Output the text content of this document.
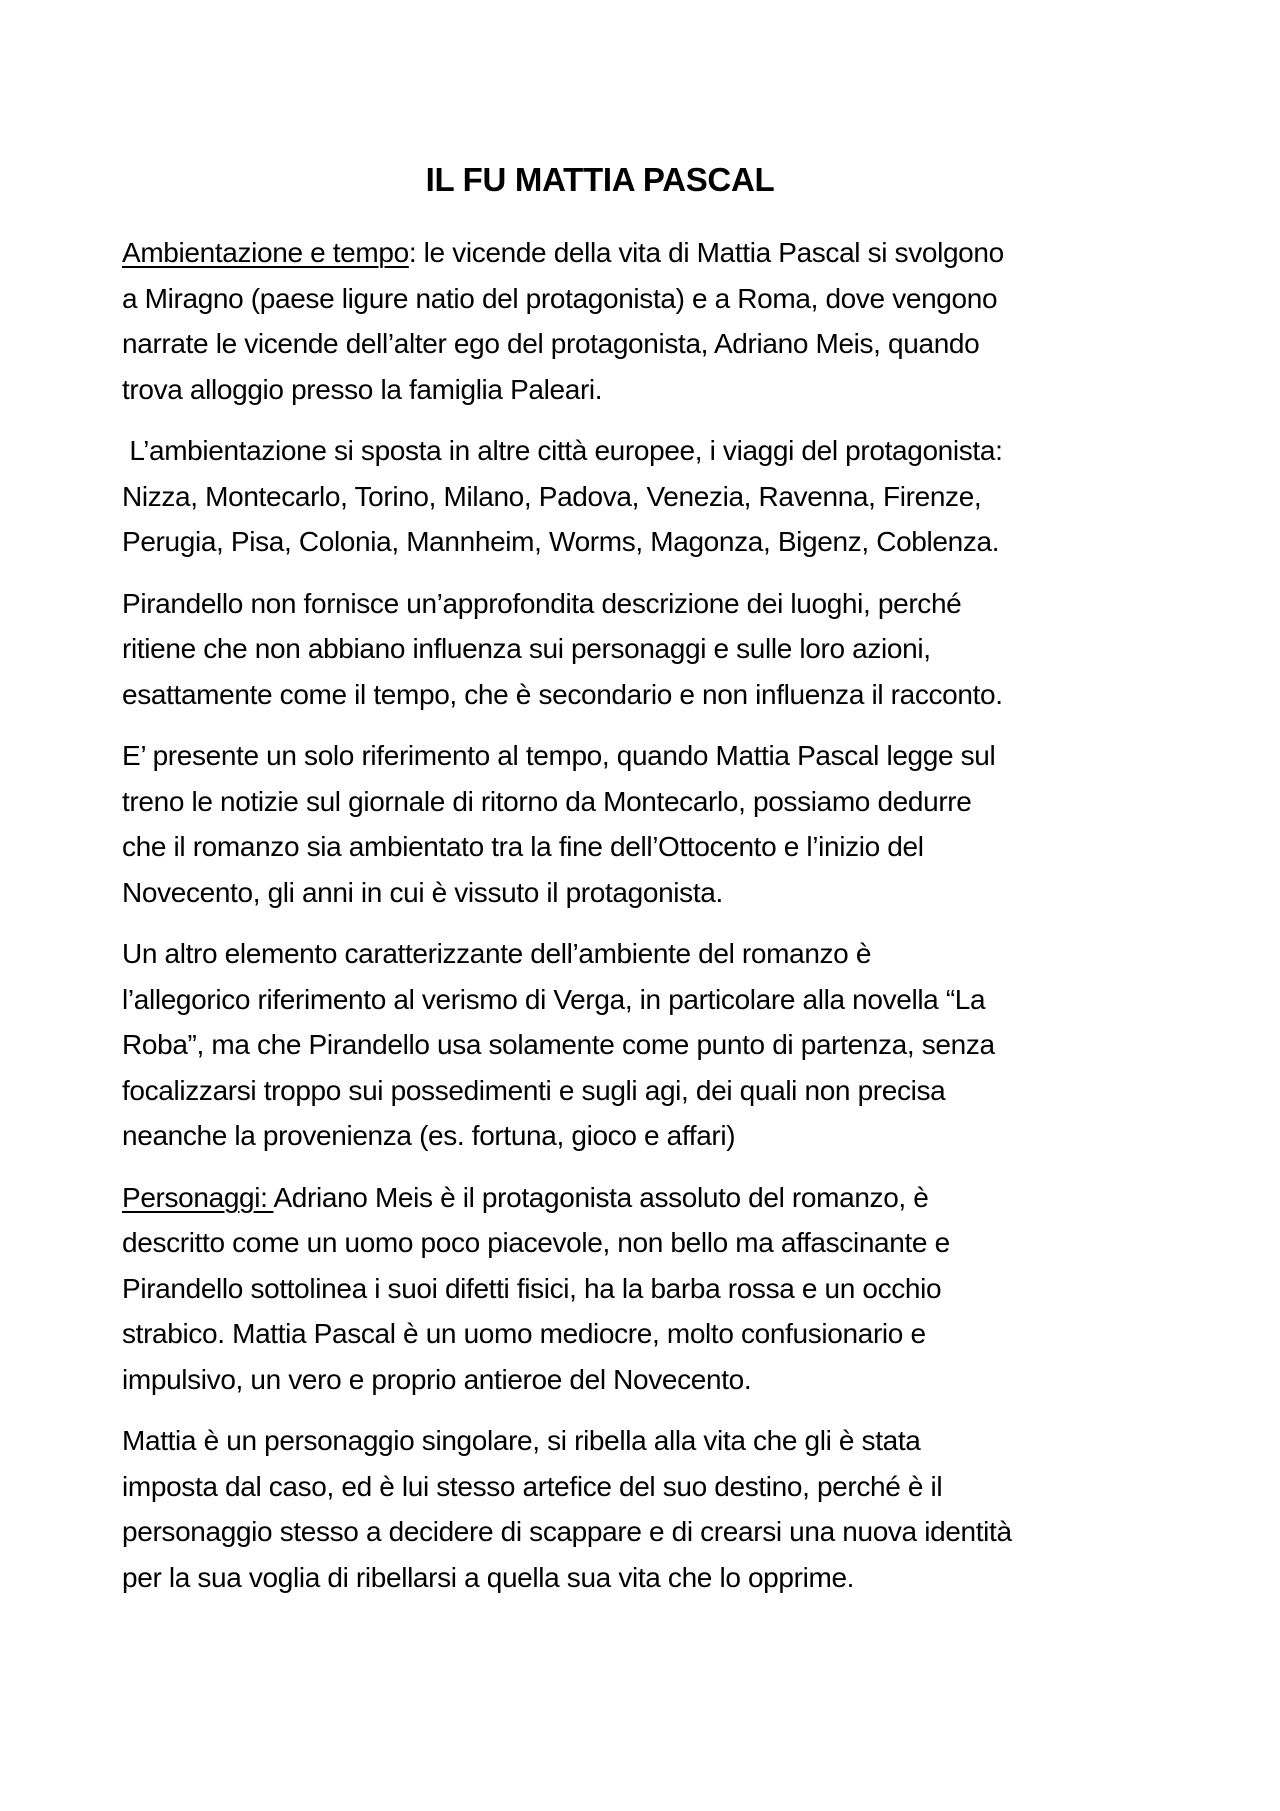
IL FU MATTIA PASCAL
Ambientazione e tempo: le vicende della vita di Mattia Pascal si svolgono
a Miragno (paese ligure natio del protagonista) e a Roma, dove vengono
narrate le vicende dell’alter ego del protagonista, Adriano Meis, quando
trova alloggio presso la famiglia Paleari.
L’ambientazione si sposta in altre città europee, i viaggi del protagonista:
Nizza, Montecarlo, Torino, Milano, Padova, Venezia, Ravenna, Firenze,
Perugia, Pisa, Colonia, Mannheim, Worms, Magonza, Bigenz, Coblenza.
Pirandello non fornisce un’approfondita descrizione dei luoghi, perché
ritiene che non abbiano influenza sui personaggi e sulle loro azioni,
esattamente come il tempo, che è secondario e non influenza il racconto.
E’ presente un solo riferimento al tempo, quando Mattia Pascal legge sul
treno le notizie sul giornale di ritorno da Montecarlo, possiamo dedurre
che il romanzo sia ambientato tra la fine dell’Ottocento e l’inizio del
Novecento, gli anni in cui è vissuto il protagonista.
Un altro elemento caratterizzante dell’ambiente del romanzo è
l’allegorico riferimento al verismo di Verga, in particolare alla novella “La
Roba”, ma che Pirandello usa solamente come punto di partenza, senza
focalizzarsi troppo sui possedimenti e sugli agi, dei quali non precisa
neanche la provenienza (es. fortuna, gioco e affari)
Personaggi: Adriano Meis è il protagonista assoluto del romanzo, è
descritto come un uomo poco piacevole, non bello ma affascinante e
Pirandello sottolinea i suoi difetti fisici, ha la barba rossa e un occhio
strabico. Mattia Pascal è un uomo mediocre, molto confusionario e
impulsivo, un vero e proprio antieroe del Novecento.
Mattia è un personaggio singolare, si ribella alla vita che gli è stata
imposta dal caso, ed è lui stesso artefice del suo destino, perché è il
personaggio stesso a decidere di scappare e di crearsi una nuova identità
per la sua voglia di ribellarsi a quella sua vita che lo opprime.
